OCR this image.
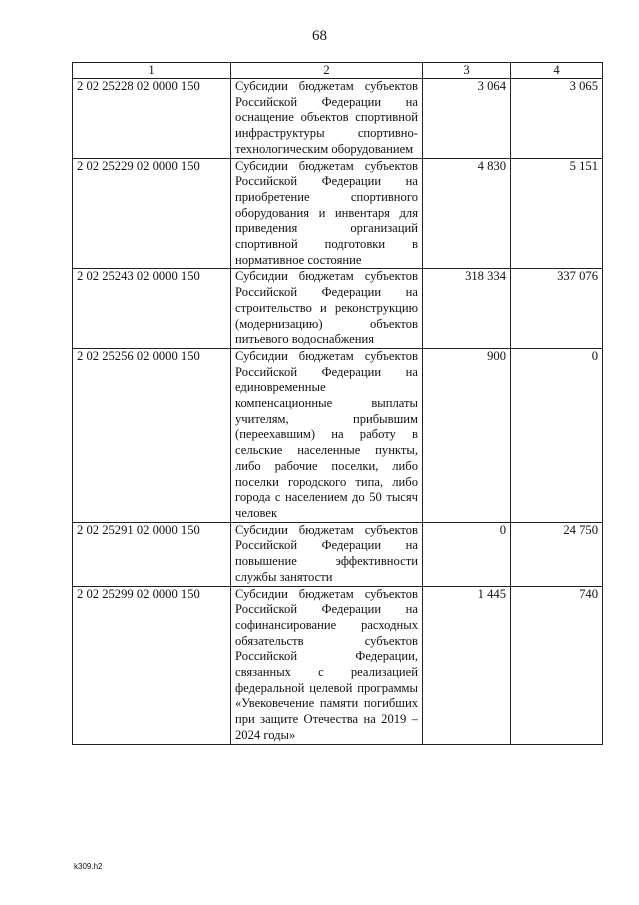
68
1	2	3	4
2 02 25228 02 0000 150	Субсидии бюджетам субъектов Российской Федерации на оснащение объектов спортивной инфраструктуры спортивно-технологическим оборудованием	3 064	3 065
2 02 25229 02 0000 150	Субсидии бюджетам субъектов Российской Федерации на приобретение спортивного оборудования и инвентаря для приведения организаций спортивной подготовки в нормативное состояние	4 830	5 151
2 02 25243 02 0000 150	Субсидии бюджетам субъектов Российской Федерации на строительство и реконструкцию (модернизацию) объектов питьевого водоснабжения	318 334	337 076
2 02 25256 02 0000 150	Субсидии бюджетам субъектов Российской Федерации на единовременные компенсационные выплаты учителям, прибывшим (переехавшим) на работу в сельские населенные пункты, либо рабочие поселки, либо поселки городского типа, либо города с населением до 50 тысяч человек	900	0
2 02 25291 02 0000 150	Субсидии бюджетам субъектов Российской Федерации на повышение эффективности службы занятости	0	24 750
2 02 25299 02 0000 150	Субсидии бюджетам субъектов Российской Федерации на софинансирование расходных обязательств субъектов Российской Федерации, связанных с реализацией федеральной целевой программы «Увековечение памяти погибших при защите Отечества на 2019 – 2024 годы»	1 445	740
k309.h2
